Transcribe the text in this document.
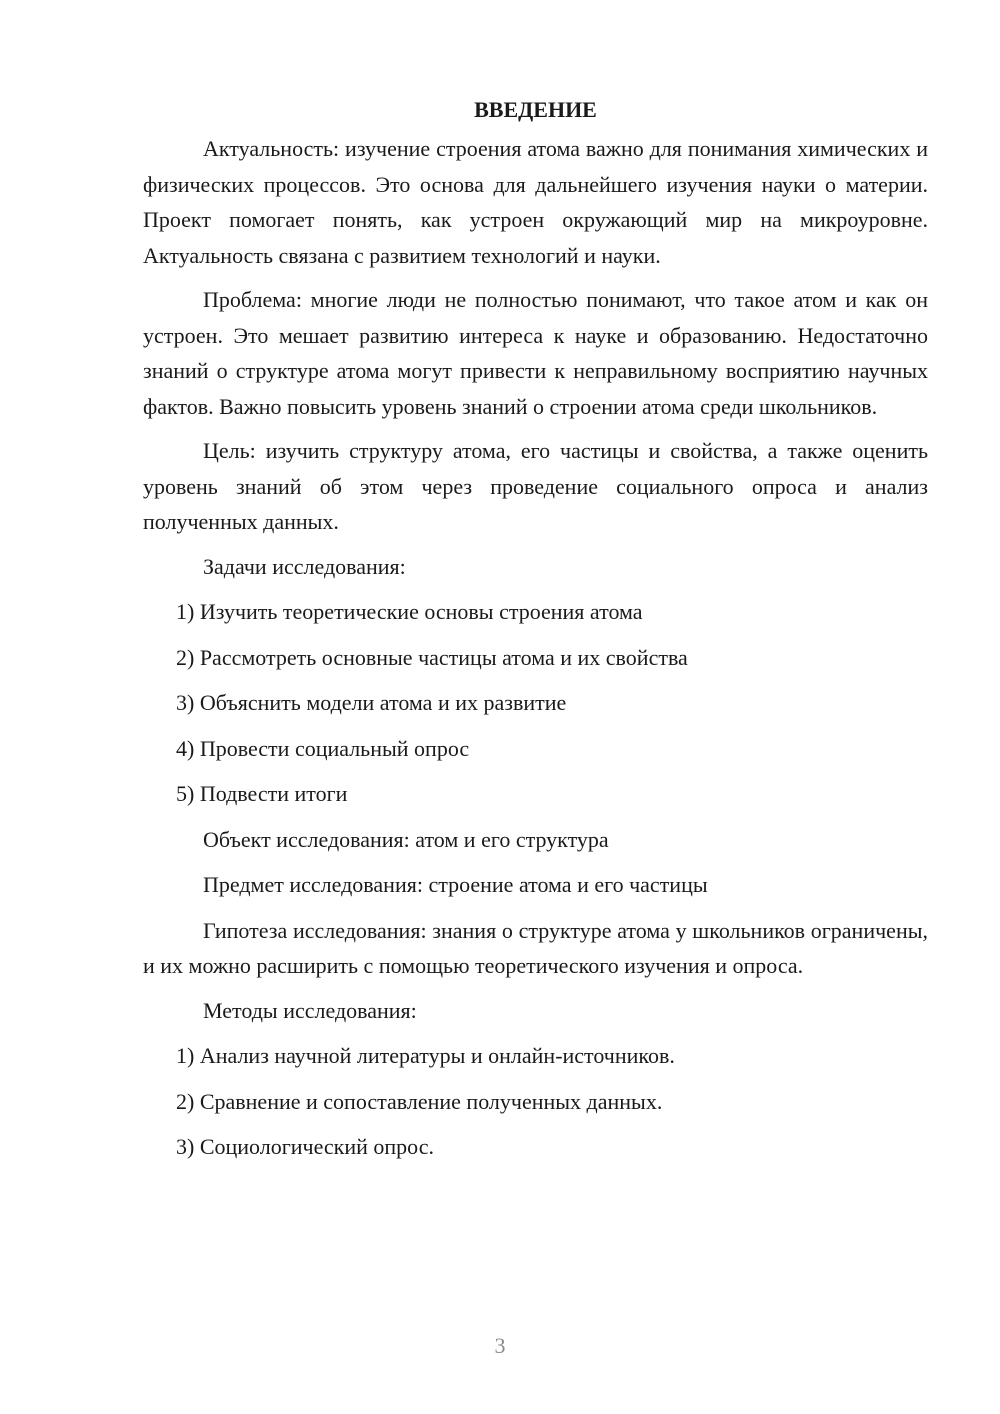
ВВЕДЕНИЕ

Актуальность: изучение строения атома важно для понимания химических и физических процессов. Это основа для дальнейшего изучения науки о материи. Проект помогает понять, как устроен окружающий мир на микроуровне. Актуальность связана с развитием технологий и науки.

Проблема: многие люди не полностью понимают, что такое атом и как он устроен. Это мешает развитию интереса к науке и образованию. Недостаточно знаний о структуре атома могут привести к неправильному восприятию научных фактов. Важно повысить уровень знаний о строении атома среди школьников.

Цель: изучить структуру атома, его частицы и свойства, а также оценить уровень знаний об этом через проведение социального опроса и анализ полученных данных.

Задачи исследования:
1) Изучить теоретические основы строения атома
2) Рассмотреть основные частицы атома и их свойства
3) Объяснить модели атома и их развитие
4) Провести социальный опрос
5) Подвести итоги
Объект исследования: атом и его структура
Предмет исследования: строение атома и его частицы

Гипотеза исследования: знания о структуре атома у школьников ограничены, и их можно расширить с помощью теоретического изучения и опроса.

Методы исследования:
1) Анализ научной литературы и онлайн-источников.
2) Сравнение и сопоставление полученных данных.
3) Социологический опрос.
3
